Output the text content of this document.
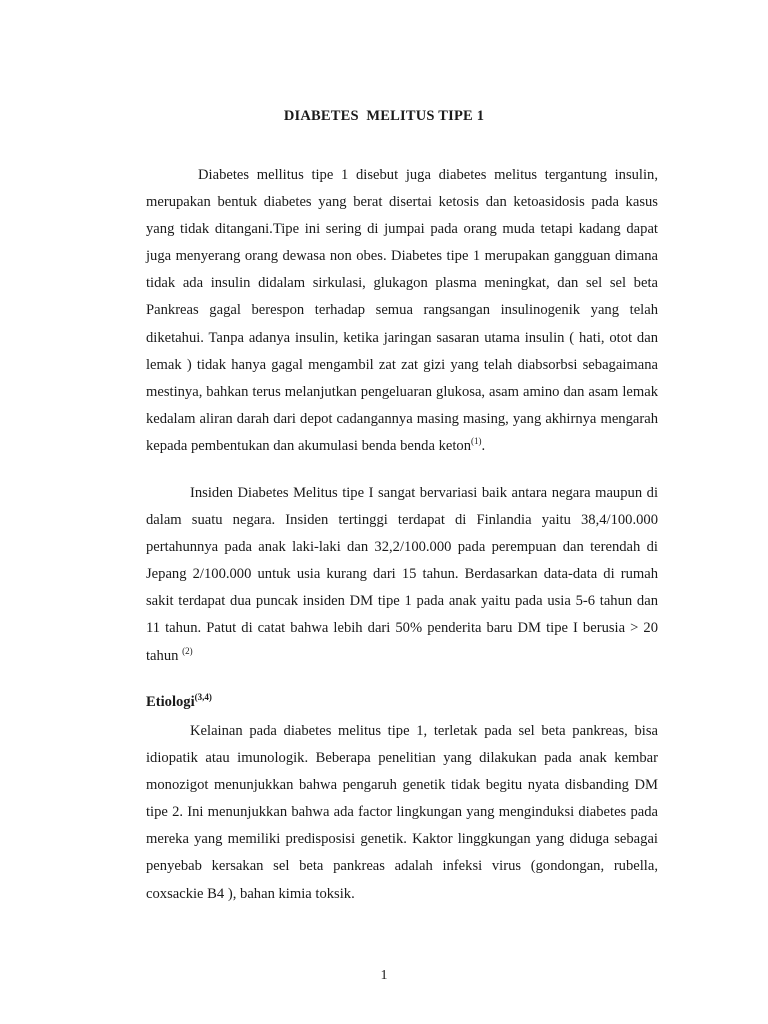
DIABETES  MELITUS TIPE 1

Diabetes mellitus tipe 1 disebut juga diabetes melitus tergantung insulin, merupakan bentuk diabetes yang berat disertai ketosis dan ketoasidosis pada kasus yang tidak ditangani.Tipe ini sering di jumpai pada orang muda tetapi kadang dapat juga menyerang orang dewasa non obes. Diabetes tipe 1 merupakan gangguan dimana tidak ada insulin didalam sirkulasi, glukagon plasma meningkat, dan sel sel beta Pankreas gagal berespon terhadap semua rangsangan insulinogenik yang telah diketahui. Tanpa adanya insulin, ketika jaringan sasaran utama insulin ( hati, otot dan lemak ) tidak hanya gagal mengambil zat zat gizi yang telah diabsorbsi sebagaimana mestinya, bahkan terus melanjutkan pengeluaran glukosa, asam amino dan asam lemak kedalam aliran darah dari depot cadangannya masing masing, yang akhirnya mengarah kepada pembentukan dan akumulasi benda benda keton$^{(1)}$.

Insiden Diabetes Melitus tipe I sangat bervariasi baik antara negara maupun di dalam suatu negara. Insiden tertinggi terdapat di Finlandia yaitu 38,4/100.000 pertahunnya pada anak laki-laki dan 32,2/100.000 pada perempuan dan terendah di Jepang 2/100.000 untuk usia kurang dari 15 tahun. Berdasarkan data-data di rumah sakit terdapat dua puncak insiden DM tipe 1 pada anak yaitu pada usia 5-6 tahun dan 11 tahun. Patut di catat bahwa lebih dari 50% penderita baru DM tipe I berusia > 20 tahun $^{(2)}$

Etiologi$^{(3,4)}$

Kelainan pada diabetes melitus tipe 1, terletak pada sel beta pankreas, bisa idiopatik atau imunologik. Beberapa penelitian yang dilakukan pada anak kembar monozigot menunjukkan bahwa pengaruh genetik tidak begitu nyata disbanding DM tipe 2. Ini menunjukkan bahwa ada factor lingkungan yang menginduksi diabetes pada mereka yang memiliki predisposisi genetik. Kaktor linggkungan yang diduga sebagai penyebab kersakan sel beta pankreas adalah infeksi virus (gondongan, rubella, coxsackie B4 ), bahan kimia toksik.

1
